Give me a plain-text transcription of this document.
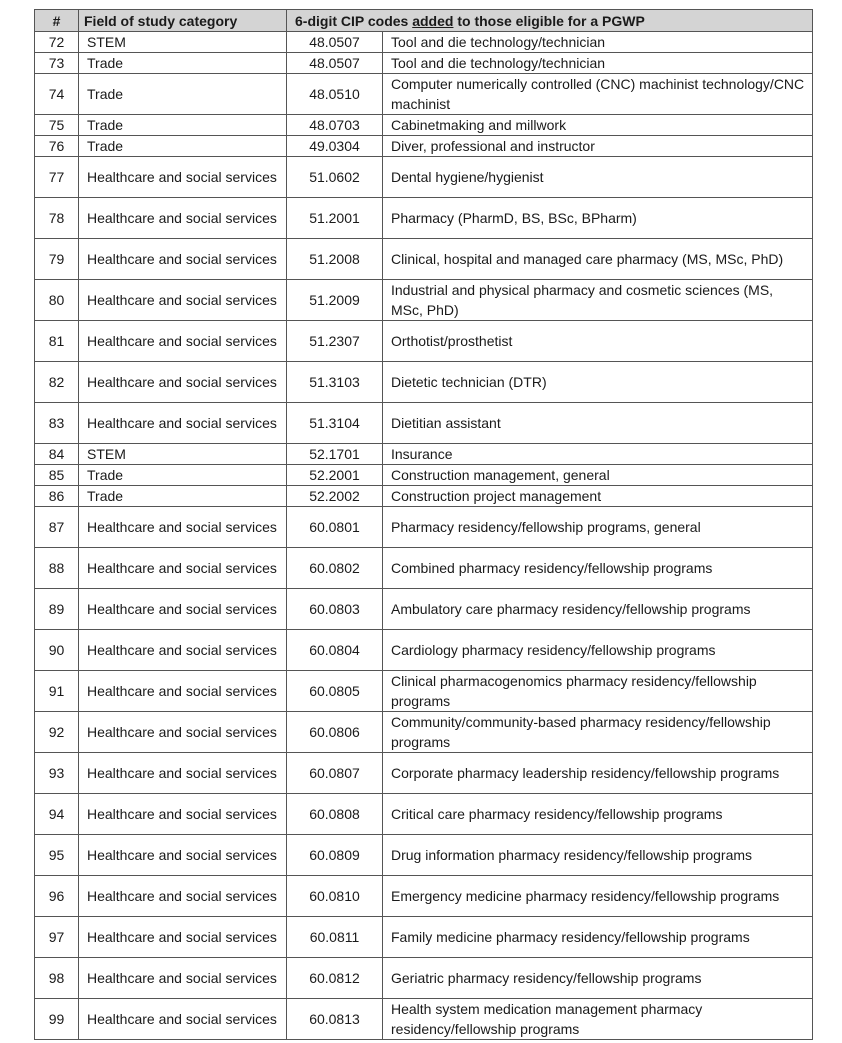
#	Field of study category	6-digit CIP codes added to those eligible for a PGWP	
72	STEM	48.0507	Tool and die technology/technician
73	Trade	48.0507	Tool and die technology/technician
74	Trade	48.0510	Computer numerically controlled (CNC) machinist technology/CNC machinist
75	Trade	48.0703	Cabinetmaking and millwork
76	Trade	49.0304	Diver, professional and instructor
77	Healthcare and social services	51.0602	Dental hygiene/hygienist
78	Healthcare and social services	51.2001	Pharmacy (PharmD, BS, BSc, BPharm)
79	Healthcare and social services	51.2008	Clinical, hospital and managed care pharmacy (MS, MSc, PhD)
80	Healthcare and social services	51.2009	Industrial and physical pharmacy and cosmetic sciences (MS, MSc, PhD)
81	Healthcare and social services	51.2307	Orthotist/prosthetist
82	Healthcare and social services	51.3103	Dietetic technician (DTR)
83	Healthcare and social services	51.3104	Dietitian assistant
84	STEM	52.1701	Insurance
85	Trade	52.2001	Construction management, general
86	Trade	52.2002	Construction project management
87	Healthcare and social services	60.0801	Pharmacy residency/fellowship programs, general
88	Healthcare and social services	60.0802	Combined pharmacy residency/fellowship programs
89	Healthcare and social services	60.0803	Ambulatory care pharmacy residency/fellowship programs
90	Healthcare and social services	60.0804	Cardiology pharmacy residency/fellowship programs
91	Healthcare and social services	60.0805	Clinical pharmacogenomics pharmacy residency/fellowship programs
92	Healthcare and social services	60.0806	Community/community-based pharmacy residency/fellowship programs
93	Healthcare and social services	60.0807	Corporate pharmacy leadership residency/fellowship programs
94	Healthcare and social services	60.0808	Critical care pharmacy residency/fellowship programs
95	Healthcare and social services	60.0809	Drug information pharmacy residency/fellowship programs
96	Healthcare and social services	60.0810	Emergency medicine pharmacy residency/fellowship programs
97	Healthcare and social services	60.0811	Family medicine pharmacy residency/fellowship programs
98	Healthcare and social services	60.0812	Geriatric pharmacy residency/fellowship programs
99	Healthcare and social services	60.0813	Health system medication management pharmacy residency/fellowship programs
